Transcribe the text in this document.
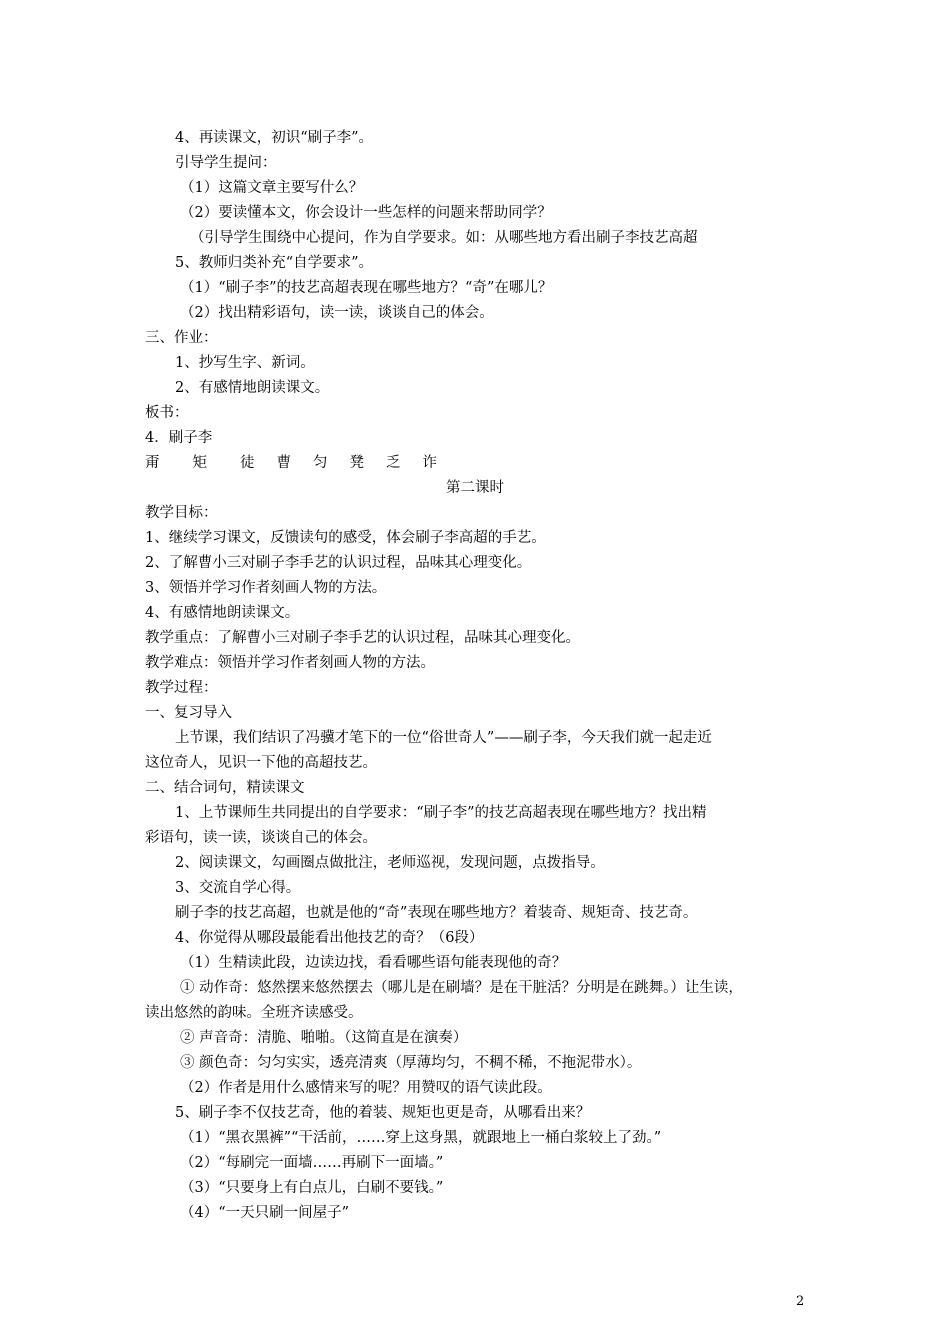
4、再读课文，初识“刷子李”。
引导学生提问：
（1）这篇文章主要写什么？
（2）要读懂本文，你会设计一些怎样的问题来帮助同学？
（引导学生围绕中心提问，作为自学要求。如：从哪些地方看出刷子李技艺高超
5、教师归类补充“自学要求”。
（1）“刷子李”的技艺高超表现在哪些地方？“奇”在哪儿？
（2）找出精彩语句，读一读，谈谈自己的体会。
三、作业：
1、抄写生字、新词。
2、有感情地朗读课文。
板书：
4．刷子李
甭 矩 徒 曹 匀 凳 乏 诈
第二课时
教学目标：
1、继续学习课文，反馈读句的感受，体会刷子李高超的手艺。
2、了解曹小三对刷子李手艺的认识过程，品味其心理变化。
3、领悟并学习作者刻画人物的方法。
4、有感情地朗读课文。
教学重点：了解曹小三对刷子李手艺的认识过程，品味其心理变化。
教学难点：领悟并学习作者刻画人物的方法。
教学过程：
一、复习导入
上节课，我们结识了冯骥才笔下的一位“俗世奇人”——刷子李，今天我们就一起走近
这位奇人，见识一下他的高超技艺。
二、结合词句，精读课文
1、上节课师生共同提出的自学要求：“刷子李”的技艺高超表现在哪些地方？找出精
彩语句，读一读，谈谈自己的体会。
2、阅读课文，勾画圈点做批注，老师巡视，发现问题，点拨指导。
3、交流自学心得。
刷子李的技艺高超，也就是他的“奇”表现在哪些地方？着装奇、规矩奇、技艺奇。
4、你觉得从哪段最能看出他技艺的奇？（6段）
（1）生精读此段，边读边找，看看哪些语句能表现他的奇？
① 动作奇：悠然摆来悠然摆去（哪儿是在刷墙？是在干脏活？分明是在跳舞。）让生读，
读出悠然的韵味。全班齐读感受。
② 声音奇：清脆、啪啪。（这简直是在演奏）
③ 颜色奇：匀匀实实，透亮清爽（厚薄均匀，不稠不稀，不拖泥带水）。
（2）作者是用什么感情来写的呢？用赞叹的语气读此段。
5、刷子李不仅技艺奇，他的着装、规矩也更是奇，从哪看出来？
（1）“黑衣黑裤”“干活前，……穿上这身黑，就跟地上一桶白浆较上了劲。”
（2）“每刷完一面墙……再刷下一面墙。”
（3）“只要身上有白点儿，白刷不要钱。”
（4）“一天只刷一间屋子”
2
